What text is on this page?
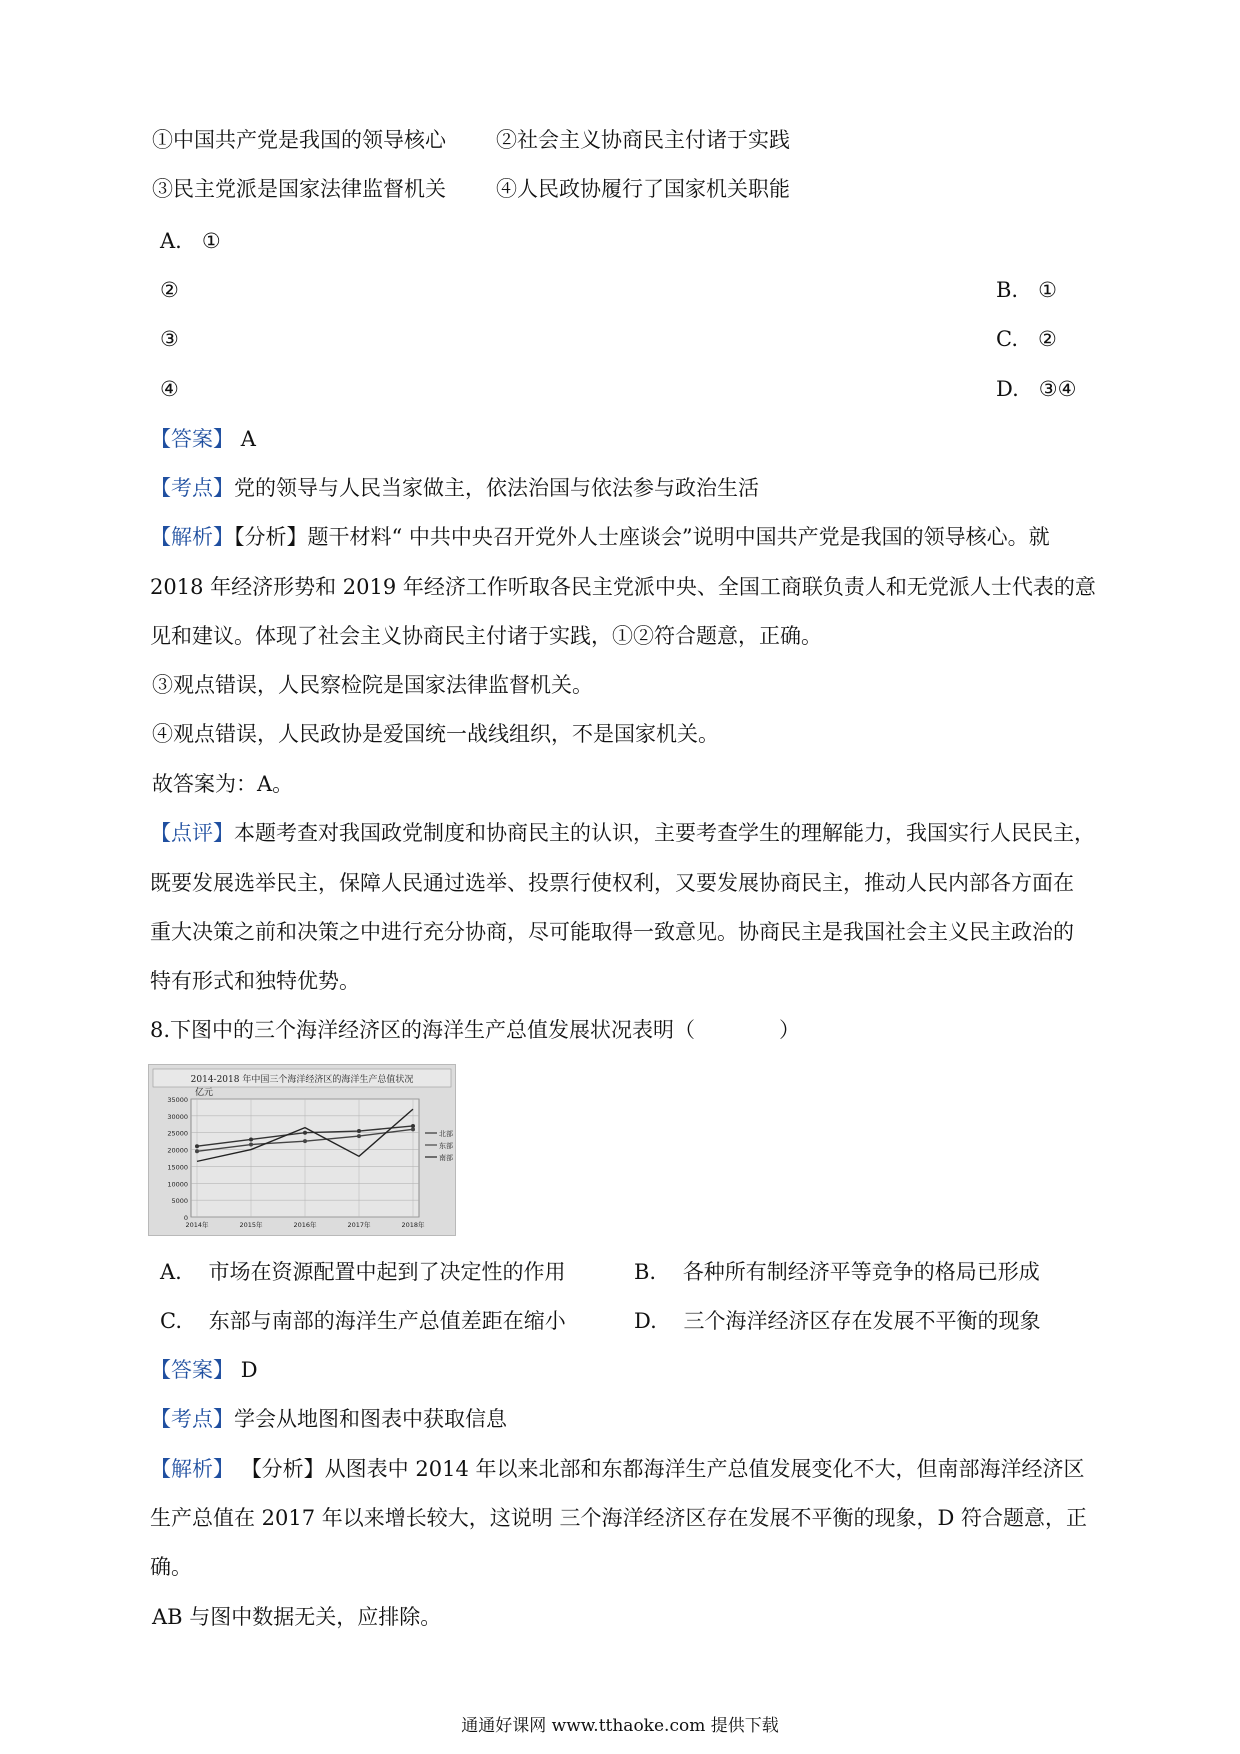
①中国共产党是我国的领导核心 ②社会主义协商民主付诸于实践
③民主党派是国家法律监督机关 ④人民政协履行了国家机关职能
A. ①
②
③
④
B. ①
C. ②
D. ③④
【答案】 A
【考点】党的领导与人民当家做主，依法治国与依法参与政治生活
【解析】【分析】题干材料“ 中共中央召开党外人士座谈会”说明中国共产党是我国的领导核心。就
2018 年经济形势和 2019 年经济工作听取各民主党派中央、全国工商联负责人和无党派人士代表的意
见和建议。体现了社会主义协商民主付诸于实践，①②符合题意，正确。
③观点错误，人民察检院是国家法律监督机关。
④观点错误，人民政协是爱国统一战线组织，不是国家机关。
故答案为：A。
【点评】本题考查对我国政党制度和协商民主的认识，主要考查学生的理解能力，我国实行人民民主，
既要发展选举民主，保障人民通过选举、投票行使权利，又要发展协商民主，推动人民内部各方面在
重大决策之前和决策之中进行充分协商，尽可能取得一致意见。协商民主是我国社会主义民主政治的
特有形式和独特优势。
8.下图中的三个海洋经济区的海洋生产总值发展状况表明（　　　　）
2014-2018 年中国三个海洋经济区的海洋生产总值状况
亿元
35000
30000
25000
20000
15000
10000
5000
0
2014年	2015年	2016年	2017年	2018年
北部
东部
南部
A. 市场在资源配置中起到了决定性的作用	B. 各种所有制经济平等竞争的格局已形成
C. 东部与南部的海洋生产总值差距在缩小	D. 三个海洋经济区存在发展不平衡的现象
【答案】 D
【考点】学会从地图和图表中获取信息
【解析】 【分析】从图表中 2014 年以来北部和东都海洋生产总值发展变化不大，但南部海洋经济区
生产总值在 2017 年以来增长较大，这说明 三个海洋经济区存在发展不平衡的现象，D 符合题意，正
确。
AB 与图中数据无关，应排除。
通通好课网 www.tthaoke.com 提供下载
